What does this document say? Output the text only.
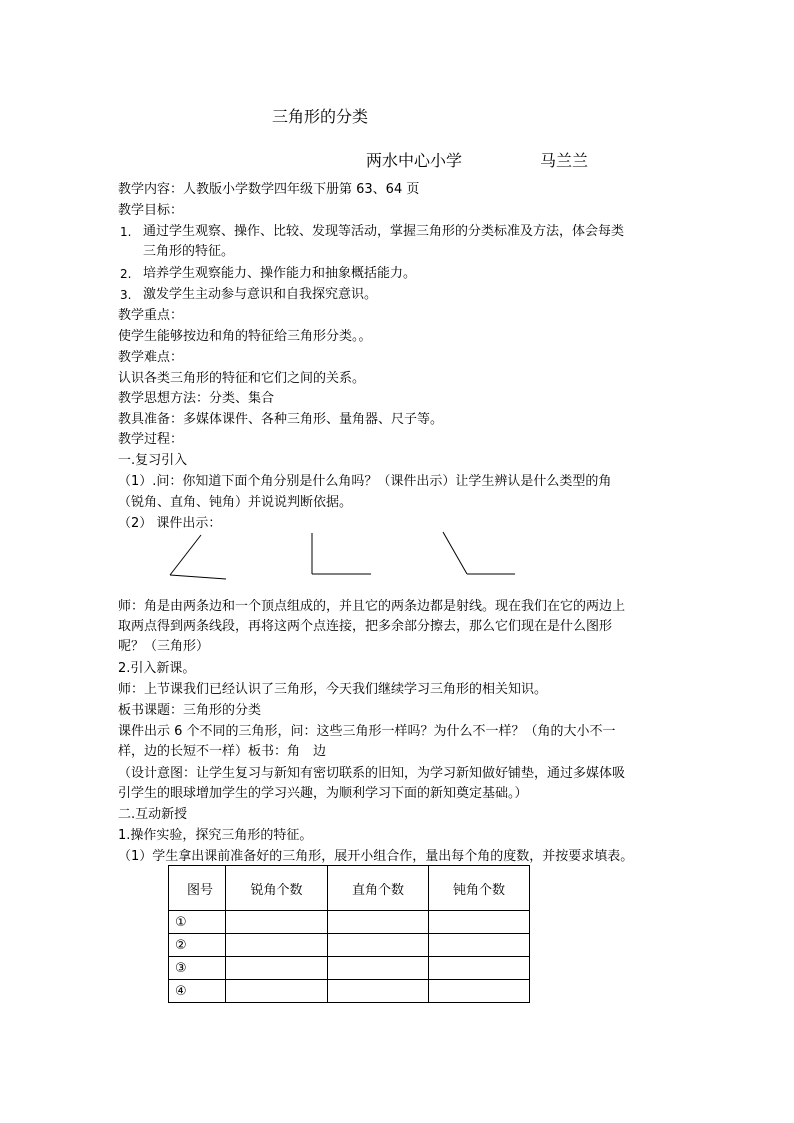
三角形的分类
两水中心小学	马兰兰
教学内容：人教版小学数学四年级下册第 63、64 页
教学目标：
1. 通过学生观察、操作、比较、发现等活动，掌握三角形的分类标准及方法，体会每类
三角形的特征。
2. 培养学生观察能力、操作能力和抽象概括能力。
3. 激发学生主动参与意识和自我探究意识。
教学重点：
使学生能够按边和角的特征给三角形分类。。
教学难点：
认识各类三角形的特征和它们之间的关系。
教学思想方法：分类、集合
教具准备：多媒体课件、各种三角形、量角器、尺子等。
教学过程：
一.复习引入
（1）.问：你知道下面个角分别是什么角吗？（课件出示）让学生辨认是什么类型的角
（锐角、直角、钝角）并说说判断依据。
（2） 课件出示：
师：角是由两条边和一个顶点组成的，并且它的两条边都是射线。现在我们在它的两边上
取两点得到两条线段，再将这两个点连接，把多余部分擦去，那么它们现在是什么图形
呢？（三角形）
2.引入新课。
师：上节课我们已经认识了三角形，今天我们继续学习三角形的相关知识。
板书课题：三角形的分类
课件出示 6 个不同的三角形，问：这些三角形一样吗？为什么不一样？（角的大小不一
样，边的长短不一样）板书：角　边
（设计意图：让学生复习与新知有密切联系的旧知，为学习新知做好铺垫，通过多媒体吸
引学生的眼球增加学生的学习兴趣，为顺利学习下面的新知奠定基础。）
二.互动新授
1.操作实验，探究三角形的特征。
（1）学生拿出课前准备好的三角形，展开小组合作，量出每个角的度数，并按要求填表。
图号	锐角个数	直角个数	钝角个数
①			
②			
③			
④			
